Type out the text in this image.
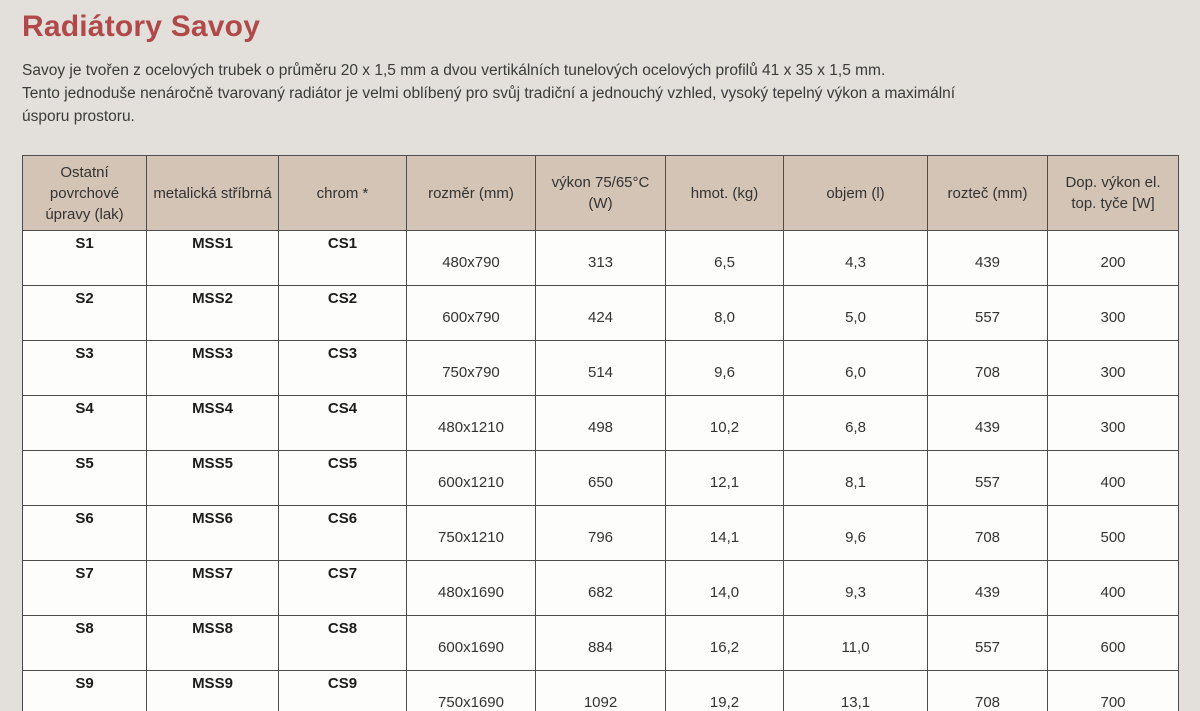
Radiátory Savoy

Savoy je tvořen z ocelových trubek o průměru 20 x 1,5 mm a dvou vertikálních tunelových ocelových profilů 41 x 35 x 1,5 mm.
Tento jednoduše nenáročně tvarovaný radiátor je velmi oblíbený pro svůj tradiční a jednouchý vzhled, vysoký tepelný výkon a maximální
úsporu prostoru.

Ostatní povrchové úpravy (lak)	metalická stříbrná	chrom *	rozměr (mm)	výkon 75/65°C (W)	hmot. (kg)	objem (l)	rozteč (mm)	Dop. výkon el. top. tyče [W]
S1	MSS1	CS1	480x790	313	6,5	4,3	439	200
S2	MSS2	CS2	600x790	424	8,0	5,0	557	300
S3	MSS3	CS3	750x790	514	9,6	6,0	708	300
S4	MSS4	CS4	480x1210	498	10,2	6,8	439	300
S5	MSS5	CS5	600x1210	650	12,1	8,1	557	400
S6	MSS6	CS6	750x1210	796	14,1	9,6	708	500
S7	MSS7	CS7	480x1690	682	14,0	9,3	439	400
S8	MSS8	CS8	600x1690	884	16,2	11,0	557	600
S9	MSS9	CS9	750x1690	1092	19,2	13,1	708	700
